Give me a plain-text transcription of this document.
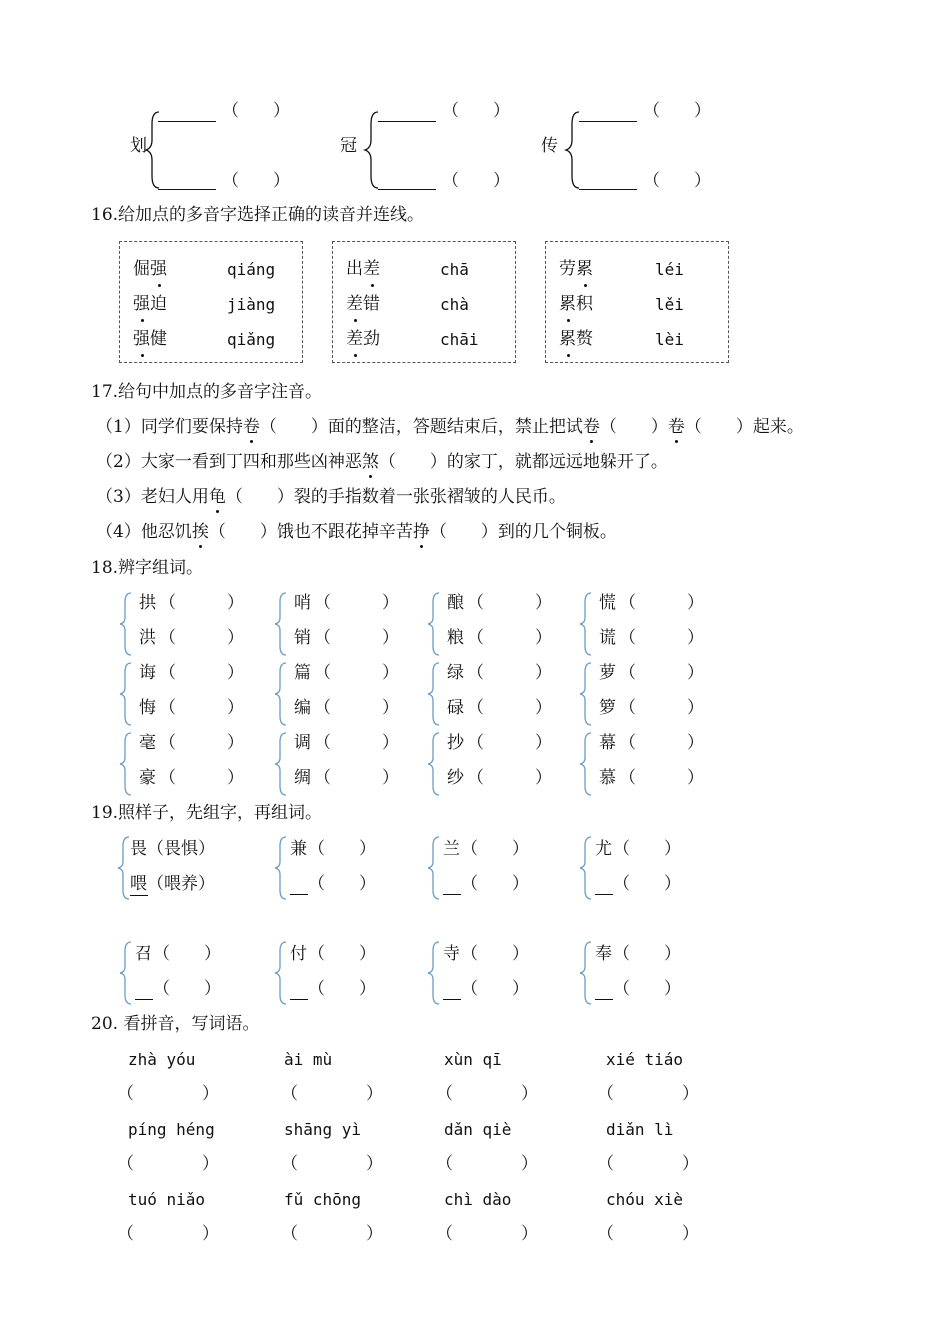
划
（　　）
（　　）
冠
（　　）
（　　）
传
（　　）
（　　）
16.给加点的多音字选择正确的读音并连线。
倔强
强迫
强健
qiáng
jiàng
qiǎng
出差
差错
差劲
chā
chà
chāi
劳累
累积
累赘
léi
lěi
lèi
17.给句中加点的多音字注音。
（1）同学们要保持卷（　　）面的整洁，答题结束后，禁止把试卷（　　）卷（　　）起来。
（2）大家一看到丁四和那些凶神恶煞（　　）的家丁，就都远远地躲开了。
（3）老妇人用龟（　　）裂的手指数着一张张褶皱的人民币。
（4）他忍饥挨（　　）饿也不跟花掉辛苦挣（　　）到的几个铜板。
18.辨字组词。
拱
洪
（　　　）
（　　　）
哨
销
（　　　）
（　　　）
酿
粮
（　　　）
（　　　）
慌
谎
（　　　）
（　　　）
诲
悔
（　　　）
（　　　）
篇
编
（　　　）
（　　　）
绿
碌
（　　　）
（　　　）
萝
箩
（　　　）
（　　　）
毫
豪
（　　　）
（　　　）
调
绸
（　　　）
（　　　）
抄
纱
（　　　）
（　　　）
幕
慕
（　　　）
（　　　）
19.照样子，先组字，再组词。
畏（畏惧）
喂（喂养）
兼 （　　）
（　　）
兰 （　　）
（　　）
尤 （　　）
（　　）
召 （　　）
（　　）
付 （　　）
（　　）
寺 （　　）
（　　）
奉 （　　）
（　　）
20. 看拼音，写词语。
zhà yóu
（　　　　）
ài mù
（　　　　）
xùn qī
（　　　　）
xié tiáo
（　　　　）
píng héng
（　　　　）
shāng yì
（　　　　）
dǎn qiè
（　　　　）
diǎn lì
（　　　　）
tuó niǎo
（　　　　）
fǔ chōng
（　　　　）
chì dào
（　　　　）
chóu xiè
（　　　　）
